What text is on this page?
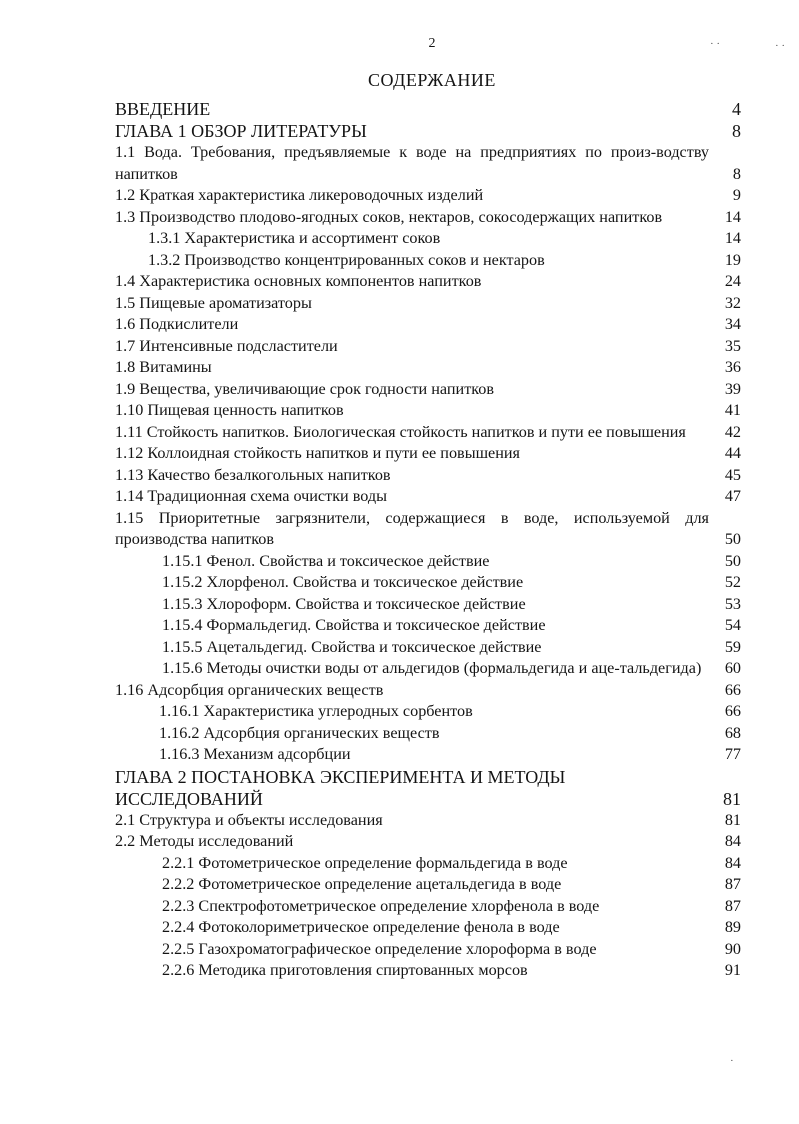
2
СОДЕРЖАНИЕ
ВВЕДЕНИЕ	4
ГЛАВА 1 ОБЗОР ЛИТЕРАТУРЫ	8
1.1 Вода. Требования, предъявляемые к воде на предприятиях по произ-водству напитков	8
1.2 Краткая характеристика ликероводочных изделий	9
1.3 Производство плодово-ягодных соков, нектаров, сокосодержащих напитков	14
1.3.1 Характеристика и ассортимент соков	14
1.3.2 Производство концентрированных соков и нектаров	19
1.4 Характеристика основных компонентов напитков	24
1.5 Пищевые ароматизаторы	32
1.6 Подкислители	34
1.7 Интенсивные подсластители	35
1.8 Витамины	36
1.9 Вещества, увеличивающие срок годности напитков	39
1.10 Пищевая ценность напитков	41
1.11 Стойкость напитков. Биологическая стойкость напитков и пути ее повышения	42
1.12 Коллоидная стойкость напитков и пути ее повышения	44
1.13 Качество безалкогольных напитков	45
1.14 Традиционная схема очистки воды	47
1.15 Приоритетные загрязнители, содержащиеся в воде, используемой для производства напитков	50
1.15.1 Фенол. Свойства и токсическое действие	50
1.15.2 Хлорфенол. Свойства и токсическое действие	52
1.15.3 Хлороформ. Свойства и токсическое действие	53
1.15.4 Формальдегид. Свойства и токсическое действие	54
1.15.5 Ацетальдегид. Свойства и токсическое действие	59
1.15.6 Методы очистки воды от альдегидов (формальдегида и аце-тальдегида)	60
1.16 Адсорбция органических веществ	66
1.16.1 Характеристика углеродных сорбентов	66
1.16.2 Адсорбция органических веществ	68
1.16.3 Механизм адсорбции	77
ГЛАВА 2 ПОСТАНОВКА ЭКСПЕРИМЕНТА И МЕТОДЫ ИССЛЕДОВАНИЙ	81
2.1 Структура и объекты исследования	81
2.2 Методы исследований	84
2.2.1 Фотометрическое определение формальдегида в воде	84
2.2.2 Фотометрическое определение ацетальдегида в воде	87
2.2.3 Спектрофотометрическое определение хлорфенола в воде	87
2.2.4 Фотоколориметрическое определение фенола в воде	89
2.2.5 Газохроматографическое определение хлороформа в воде	90
2.2.6 Методика приготовления спиртованных морсов	91
· ·	· ·
·
